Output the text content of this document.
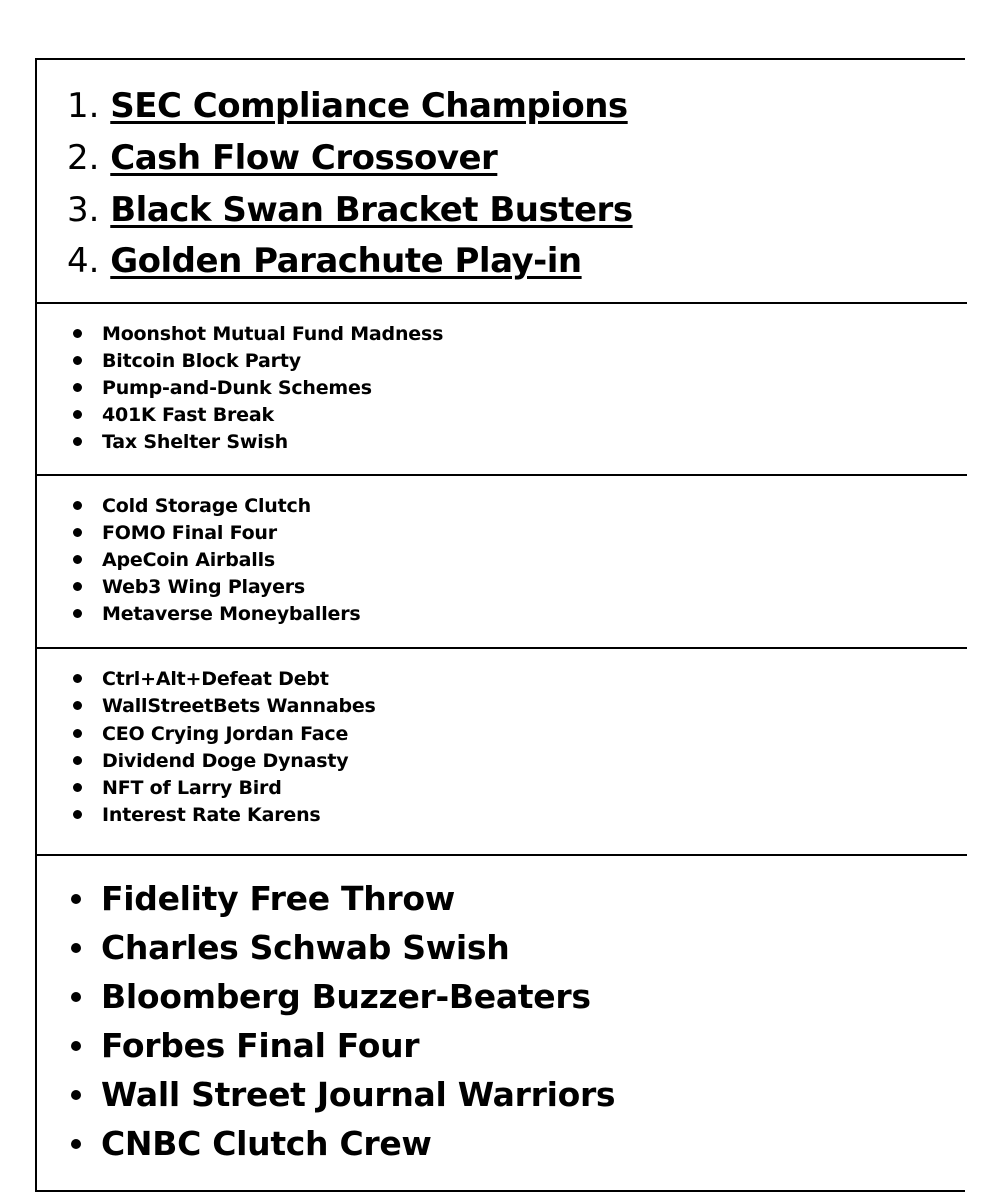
1. SEC Compliance Champions
2. Cash Flow Crossover
3. Black Swan Bracket Busters
4. Golden Parachute Play-in
Moonshot Mutual Fund Madness
Bitcoin Block Party
Pump-and-Dunk Schemes
401K Fast Break
Tax Shelter Swish
Cold Storage Clutch
FOMO Final Four
ApeCoin Airballs
Web3 Wing Players
Metaverse Moneyballers
Ctrl+Alt+Defeat Debt
WallStreetBets Wannabes
CEO Crying Jordan Face
Dividend Doge Dynasty
NFT of Larry Bird
Interest Rate Karens
Fidelity Free Throw
Charles Schwab Swish
Bloomberg Buzzer-Beaters
Forbes Final Four
Wall Street Journal Warriors
CNBC Clutch Crew
